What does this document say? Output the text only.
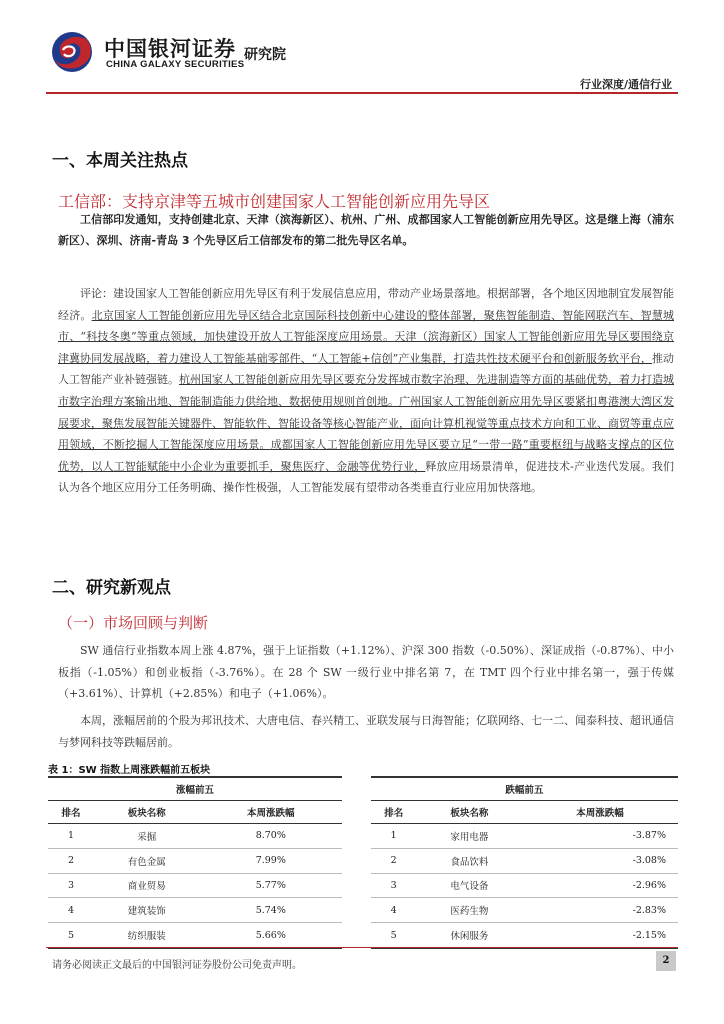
中国银河证券
CHINA GALAXY SECURITIES
研究院
行业深度/通信行业
一、本周关注热点
工信部：支持京津等五城市创建国家人工智能创新应用先导区
工信部印发通知，支持创建北京、天津（滨海新区）、杭州、广州、成都国家人工智能创新应用先导区。这是继上海（浦东新区）、深圳、济南-青岛 3 个先导区后工信部发布的第二批先导区名单。
评论：建设国家人工智能创新应用先导区有利于发展信息应用，带动产业场景落地。根据部署，各个地区因地制宜发展智能经济。北京国家人工智能创新应用先导区结合北京国际科技创新中心建设的整体部署，聚焦智能制造、智能网联汽车、智慧城市、“科技冬奥”等重点领域，加快建设开放人工智能深度应用场景。天津（滨海新区）国家人工智能创新应用先导区要围绕京津冀协同发展战略，着力建设人工智能基础零部件、“人工智能+信创”产业集群，打造共性技术硬平台和创新服务软平台，推动人工智能产业补链强链。杭州国家人工智能创新应用先导区要充分发挥城市数字治理、先进制造等方面的基础优势，着力打造城市数字治理方案输出地、智能制造能力供给地、数据使用规则首创地。广州国家人工智能创新应用先导区要紧扣粤港澳大湾区发展要求，聚焦发展智能关键器件、智能软件、智能设备等核心智能产业，面向计算机视觉等重点技术方向和工业、商贸等重点应用领域，不断挖掘人工智能深度应用场景。成都国家人工智能创新应用先导区要立足“一带一路”重要枢纽与战略支撑点的区位优势，以人工智能赋能中小企业为重要抓手，聚焦医疗、金融等优势行业，释放应用场景清单，促进技术-产业迭代发展。我们认为各个地区应用分工任务明确、操作性极强，人工智能发展有望带动各类垂直行业应用加快落地。
二、研究新观点
（一）市场回顾与判断
SW 通信行业指数本周上涨 4.87%，强于上证指数（+1.12%）、沪深 300 指数（-0.50%）、深证成指（-0.87%）、中小板指（-1.05%）和创业板指（-3.76%）。在 28 个 SW 一级行业中排名第 7，在 TMT 四个行业中排名第一，强于传媒（+3.61%）、计算机（+2.85%）和电子（+1.06%）。
本周，涨幅居前的个股为邦讯技术、大唐电信、春兴精工、亚联发展与日海智能；亿联网络、七一二、闻泰科技、超讯通信与梦网科技等跌幅居前。
表 1：SW 指数上周涨跌幅前五板块
涨幅前五				跌幅前五		
排名	板块名称	本周涨跌幅		排名	板块名称	本周涨跌幅
1	采掘	8.70%		1	家用电器	-3.87%
2	有色金属	7.99%		2	食品饮料	-3.08%
3	商业贸易	5.77%		3	电气设备	-2.96%
4	建筑装饰	5.74%		4	医药生物	-2.83%
5	纺织服装	5.66%		5	休闲服务	-2.15%
请务必阅读正文最后的中国银河证券股份公司免责声明。	2
